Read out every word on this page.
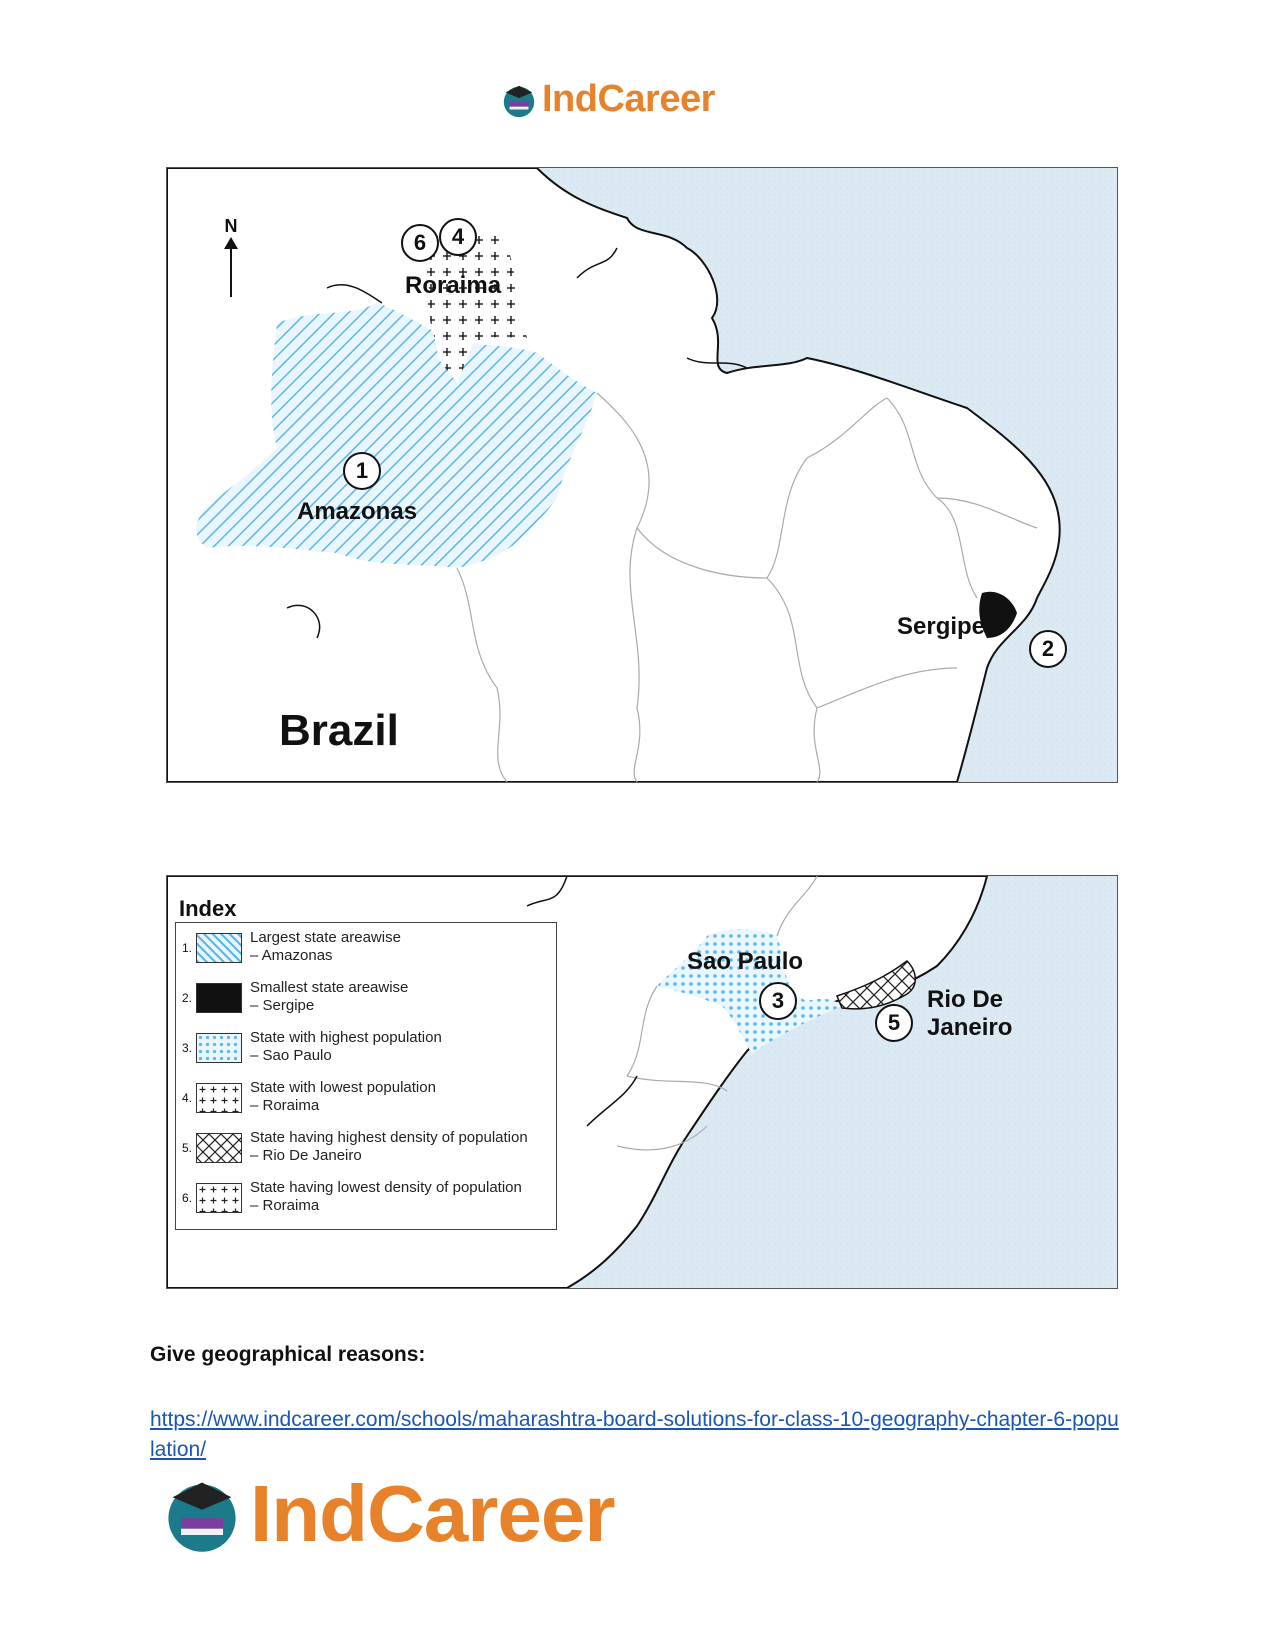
IndCareer
N
6	4
Roraima
1
Amazonas
Sergipe
2
Brazil
Index
1.
Largest state areawise
– Amazonas
2.
Smallest state areawise
– Sergipe
3.
State with highest population
– Sao Paulo
4.
State with lowest population
– Roraima
5.
State having highest density of population
– Rio De Janeiro
6.
State having lowest density of population
– Roraima
Sao Paulo
3
5
Rio De
Janeiro
Give geographical reasons:
https://www.indcareer.com/schools/maharashtra-board-solutions-for-class-10-geography-chapter-6-population/
IndCareer
